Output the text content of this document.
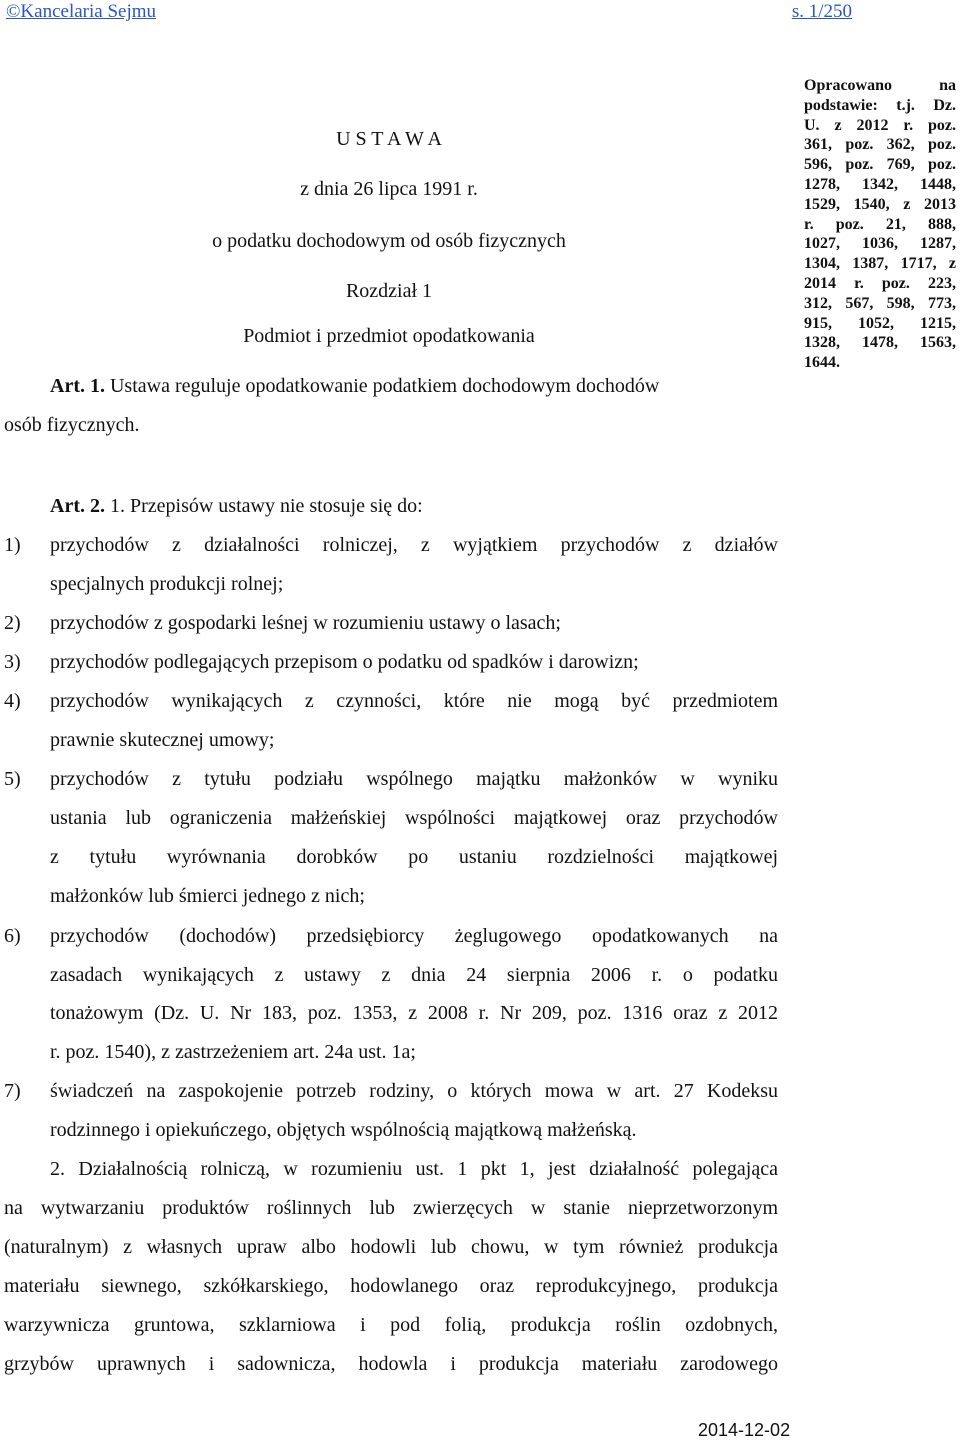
©Kancelaria Sejmu	s. 1/250
U S T A W A
z dnia 26 lipca 1991 r.
o podatku dochodowym od osób fizycznych
Rozdział 1
Podmiot i przedmiot opodatkowania
Opracowano na
podstawie: t.j. Dz.
U. z 2012 r. poz.
361, poz. 362, poz.
596, poz. 769, poz.
1278, 1342, 1448,
1529, 1540, z 2013
r. poz. 21, 888,
1027, 1036, 1287,
1304, 1387, 1717, z
2014 r. poz. 223,
312, 567, 598, 773,
915, 1052, 1215,
1328, 1478, 1563,
1644.
Art. 1. Ustawa reguluje opodatkowanie podatkiem dochodowym dochodów
osób fizycznych.
Art. 2. 1. Przepisów ustawy nie stosuje się do:
1) przychodów z działalności rolniczej, z wyjątkiem przychodów z działów
specjalnych produkcji rolnej;
2) przychodów z gospodarki leśnej w rozumieniu ustawy o lasach;
3) przychodów podlegających przepisom o podatku od spadków i darowizn;
4) przychodów wynikających z czynności, które nie mogą być przedmiotem
prawnie skutecznej umowy;
5) przychodów z tytułu podziału wspólnego majątku małżonków w wyniku
ustania lub ograniczenia małżeńskiej wspólności majątkowej oraz przychodów
z tytułu wyrównania dorobków po ustaniu rozdzielności majątkowej
małżonków lub śmierci jednego z nich;
6) przychodów (dochodów) przedsiębiorcy żeglugowego opodatkowanych na
zasadach wynikających z ustawy z dnia 24 sierpnia 2006 r. o podatku
tonażowym (Dz. U. Nr 183, poz. 1353, z 2008 r. Nr 209, poz. 1316 oraz z 2012
r. poz. 1540), z zastrzeżeniem art. 24a ust. 1a;
7) świadczeń na zaspokojenie potrzeb rodziny, o których mowa w art. 27 Kodeksu
rodzinnego i opiekuńczego, objętych wspólnością majątkową małżeńską.
2. Działalnością rolniczą, w rozumieniu ust. 1 pkt 1, jest działalność polegająca
na wytwarzaniu produktów roślinnych lub zwierzęcych w stanie nieprzetworzonym
(naturalnym) z własnych upraw albo hodowli lub chowu, w tym również produkcja
materiału siewnego, szkółkarskiego, hodowlanego oraz reprodukcyjnego, produkcja
warzywnicza gruntowa, szklarniowa i pod folią, produkcja roślin ozdobnych,
grzybów uprawnych i sadownicza, hodowla i produkcja materiału zarodowego
2014-12-02
